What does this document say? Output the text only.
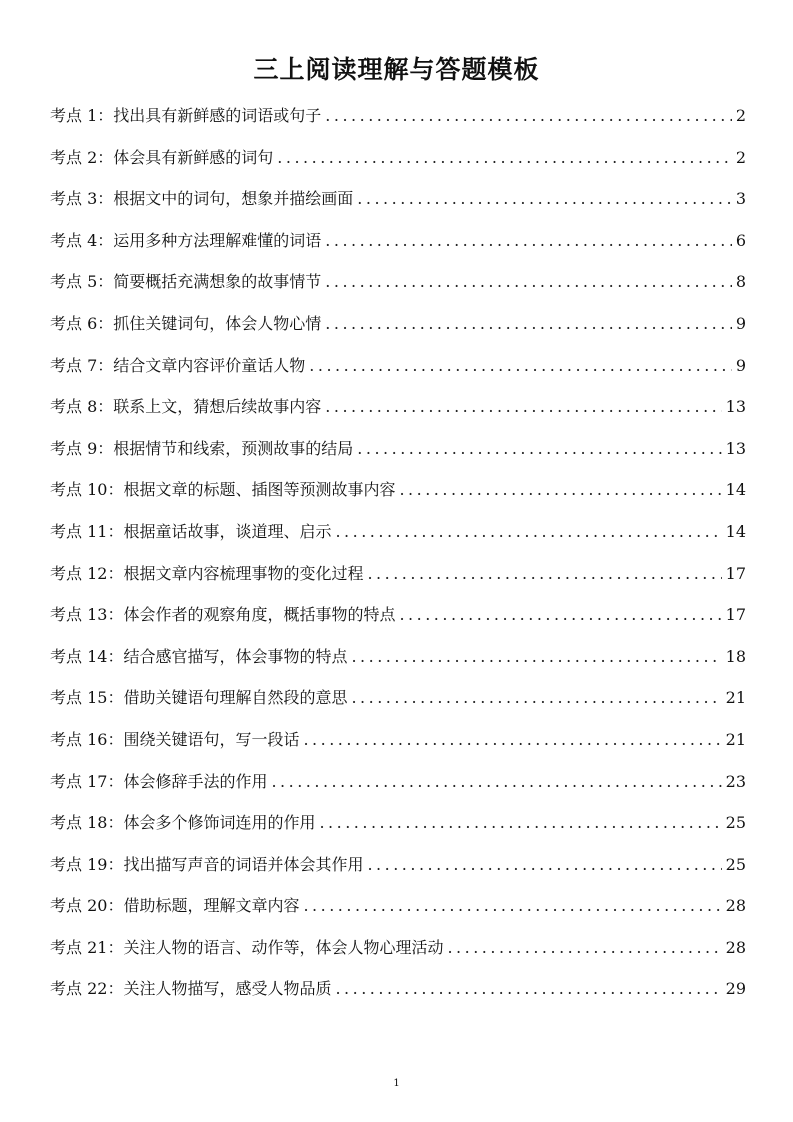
三上阅读理解与答题模板
考点 1：找出具有新鲜感的词语或句子 .....	2
考点 2：体会具有新鲜感的词句 .....	2
考点 3：根据文中的词句，想象并描绘画面 .....	3
考点 4：运用多种方法理解难懂的词语 .....	6
考点 5：简要概括充满想象的故事情节 .....	8
考点 6：抓住关键词句，体会人物心情 .....	9
考点 7：结合文章内容评价童话人物 .....	9
考点 8：联系上文，猜想后续故事内容 .....	13
考点 9：根据情节和线索，预测故事的结局 .....	13
考点 10：根据文章的标题、插图等预测故事内容 .....	14
考点 11：根据童话故事，谈道理、启示 .....	14
考点 12：根据文章内容梳理事物的变化过程 .....	17
考点 13：体会作者的观察角度，概括事物的特点 .....	17
考点 14：结合感官描写，体会事物的特点 .....	18
考点 15：借助关键语句理解自然段的意思 .....	21
考点 16：围绕关键语句，写一段话 .....	21
考点 17：体会修辞手法的作用 .....	23
考点 18：体会多个修饰词连用的作用 .....	25
考点 19：找出描写声音的词语并体会其作用 .....	25
考点 20：借助标题，理解文章内容 .....	28
考点 21：关注人物的语言、动作等，体会人物心理活动 .....	28
考点 22：关注人物描写，感受人物品质 .....	29
1
